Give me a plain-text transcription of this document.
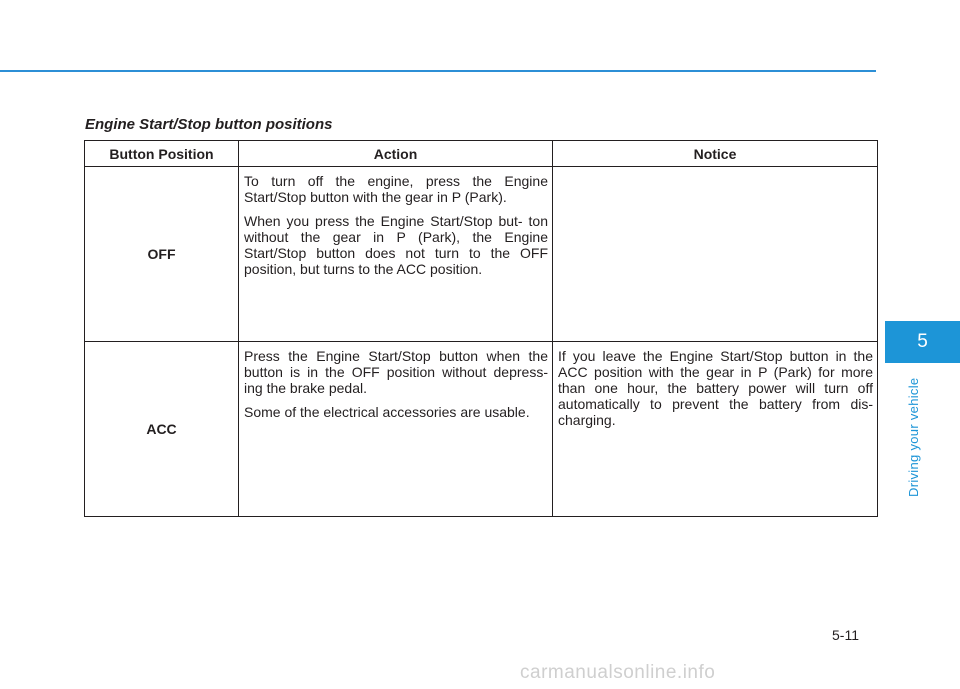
Engine Start/Stop button positions
Button Position	Action	Notice
OFF	To turn off the engine, press the Engine Start/Stop button with the gear in P (Park).

When you press the Engine Start/Stop but- ton without the gear in P (Park), the Engine Start/Stop button does not turn to the OFF position, but turns to the ACC position.	

ACC	Press the Engine Start/Stop button when the button is in the OFF position without depress- ing the brake pedal.

Some of the electrical accessories are usable.	If you leave the Engine Start/Stop button in the ACC position with the gear in P (Park) for more than one hour, the battery power will turn off automatically to prevent the battery from dis- charging.
5
Driving your vehicle
5-11
carmanualsonline.info
